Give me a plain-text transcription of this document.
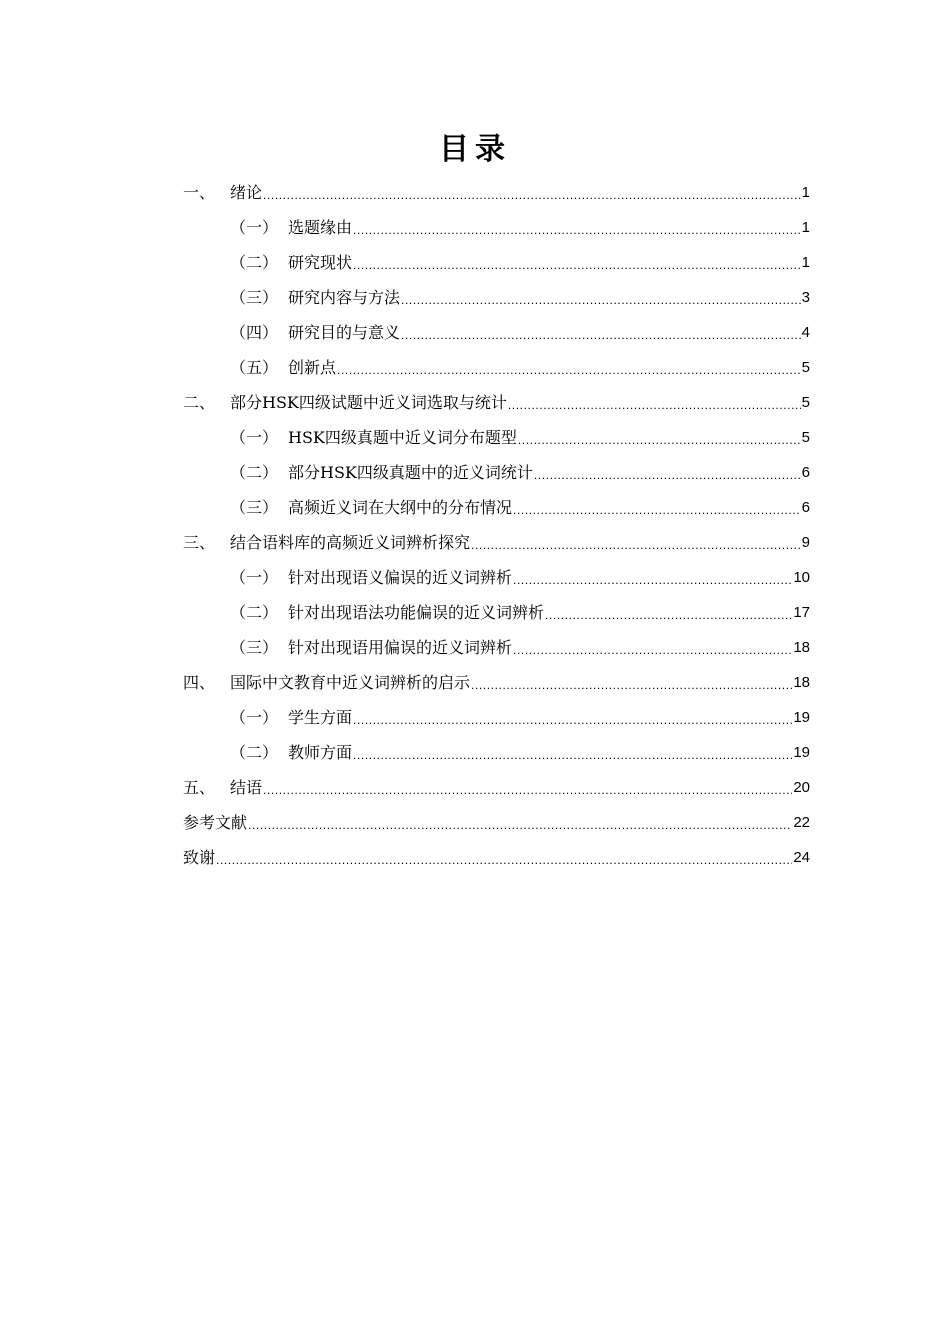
目录
一、 绪论 .....	1
（一） 选题缘由 .....	1
（二） 研究现状 .....	1
（三） 研究内容与方法 .....	3
（四） 研究目的与意义 .....	4
（五） 创新点 .....	5
二、 部分HSK四级试题中近义词选取与统计 .....	5
（一） HSK四级真题中近义词分布题型 .....	5
（二） 部分HSK四级真题中的近义词统计 .....	6
（三） 高频近义词在大纲中的分布情况 .....	6
三、 结合语料库的高频近义词辨析探究 .....	9
（一） 针对出现语义偏误的近义词辨析 .....	10
（二） 针对出现语法功能偏误的近义词辨析 .....	17
（三） 针对出现语用偏误的近义词辨析 .....	18
四、 国际中文教育中近义词辨析的启示 .....	18
（一） 学生方面 .....	19
（二） 教师方面 .....	19
五、 结语 .....	20
参考文献 .....	22
致谢 .....	24
